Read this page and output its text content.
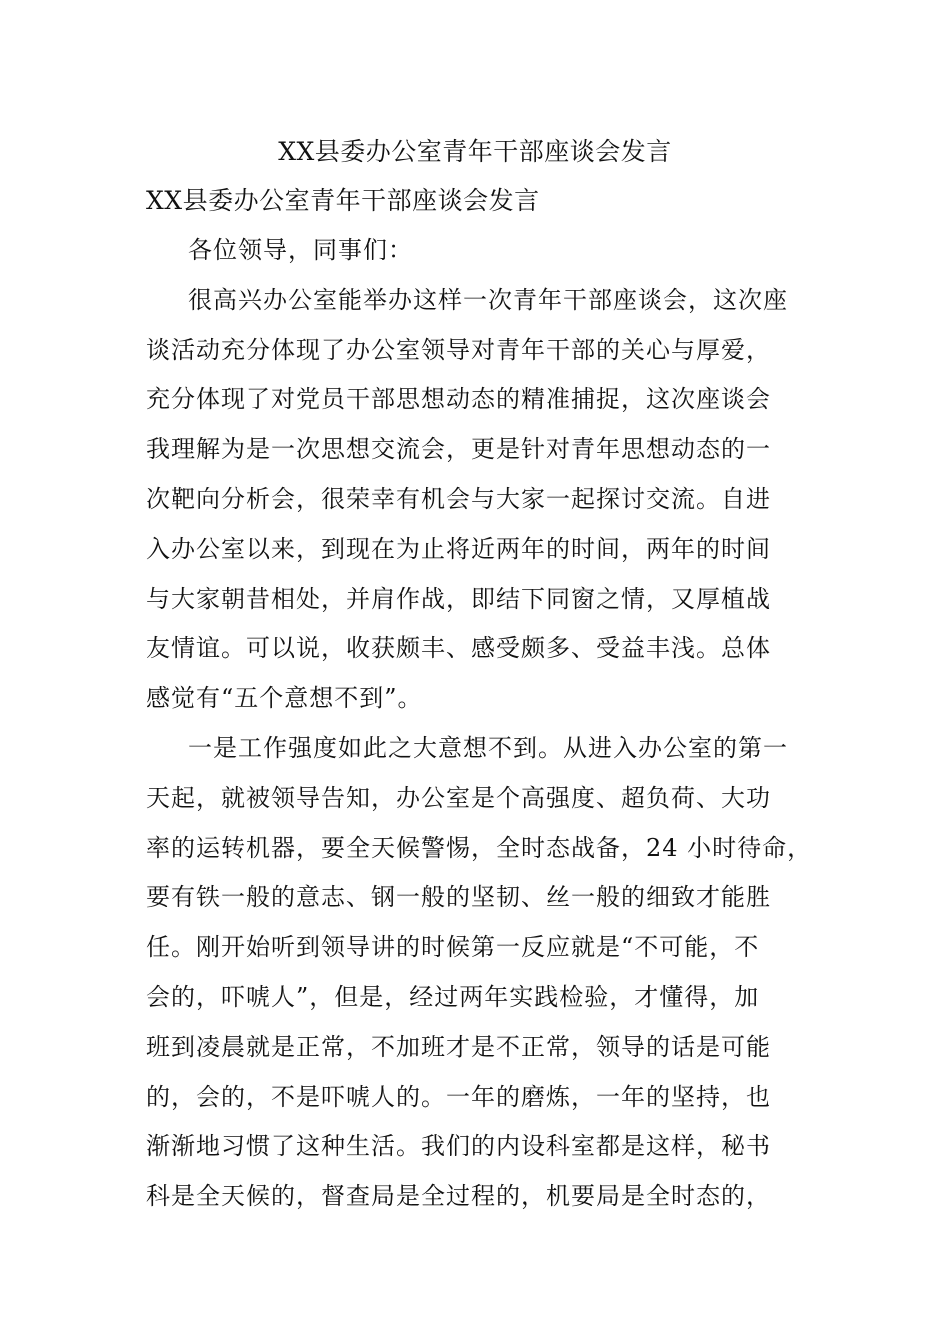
XX县委办公室青年干部座谈会发言
XX县委办公室青年干部座谈会发言
各位领导，同事们：
很高兴办公室能举办这样一次青年干部座谈会，这次座
谈活动充分体现了办公室领导对青年干部的关心与厚爱，
充分体现了对党员干部思想动态的精准捕捉，这次座谈会
我理解为是一次思想交流会，更是针对青年思想动态的一
次靶向分析会，很荣幸有机会与大家一起探讨交流。自进
入办公室以来，到现在为止将近两年的时间，两年的时间
与大家朝昔相处，并肩作战，即结下同窗之情，又厚植战
友情谊。可以说，收获颇丰、感受颇多、受益丰浅。总体
感觉有“五个意想不到”。
一是工作强度如此之大意想不到。从进入办公室的第一
天起，就被领导告知，办公室是个高强度、超负荷、大功
率的运转机器，要全天候警惕，全时态战备，24 小时待命，
要有铁一般的意志、钢一般的坚韧、丝一般的细致才能胜
任。刚开始听到领导讲的时候第一反应就是“不可能，不
会的，吓唬人”，但是，经过两年实践检验，才懂得，加
班到凌晨就是正常，不加班才是不正常，领导的话是可能
的，会的，不是吓唬人的。一年的磨炼，一年的坚持，也
渐渐地习惯了这种生活。我们的内设科室都是这样，秘书
科是全天候的，督查局是全过程的，机要局是全时态的，
